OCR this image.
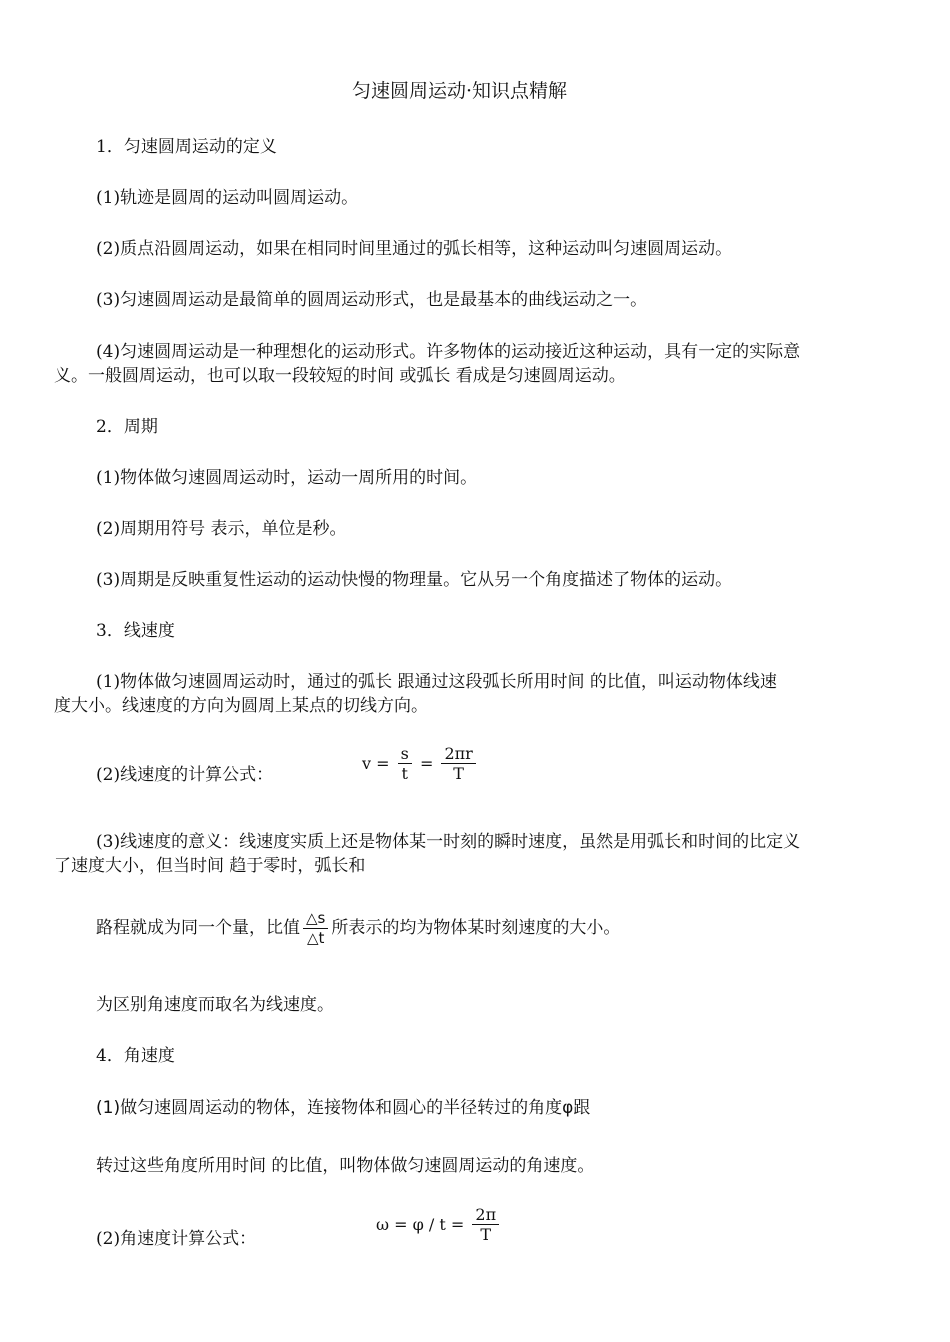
匀速圆周运动·知识点精解
1．匀速圆周运动的定义
(1)轨迹是圆周的运动叫圆周运动。
(2)质点沿圆周运动，如果在相同时间里通过的弧长相等，这种运动叫匀速圆周运动。
(3)匀速圆周运动是最简单的圆周运动形式，也是最基本的曲线运动之一。
(4)匀速圆周运动是一种理想化的运动形式。许多物体的运动接近这种运动，具有一定的实际意
义。一般圆周运动，也可以取一段较短的时间 或弧长 看成是匀速圆周运动。
2．周期
(1)物体做匀速圆周运动时，运动一周所用的时间。
(2)周期用符号 表示，单位是秒。
(3)周期是反映重复性运动的运动快慢的物理量。它从另一个角度描述了物体的运动。
3．线速度
(1)物体做匀速圆周运动时，通过的弧长 跟通过这段弧长所用时间 的比值，叫运动物体线速
度大小。线速度的方向为圆周上某点的切线方向。
(2)线速度的计算公式：
$v = \frac{s}{t} = \frac{2\pi r}{T}$
(3)线速度的意义：线速度实质上还是物体某一时刻的瞬时速度，虽然是用弧长和时间的比定义
了速度大小，但当时间 趋于零时，弧长和
路程就成为同一个量，比值 $\frac{\triangle s}{\triangle t}$ 所表示的均为物体某时刻速度的大小。
为区别角速度而取名为线速度。
4．角速度
(1)做匀速圆周运动的物体，连接物体和圆心的半径转过的角度φ跟
转过这些角度所用时间 的比值，叫物体做匀速圆周运动的角速度。
(2)角速度计算公式：
$\omega = \varphi / t = \frac{2\pi}{T}$
